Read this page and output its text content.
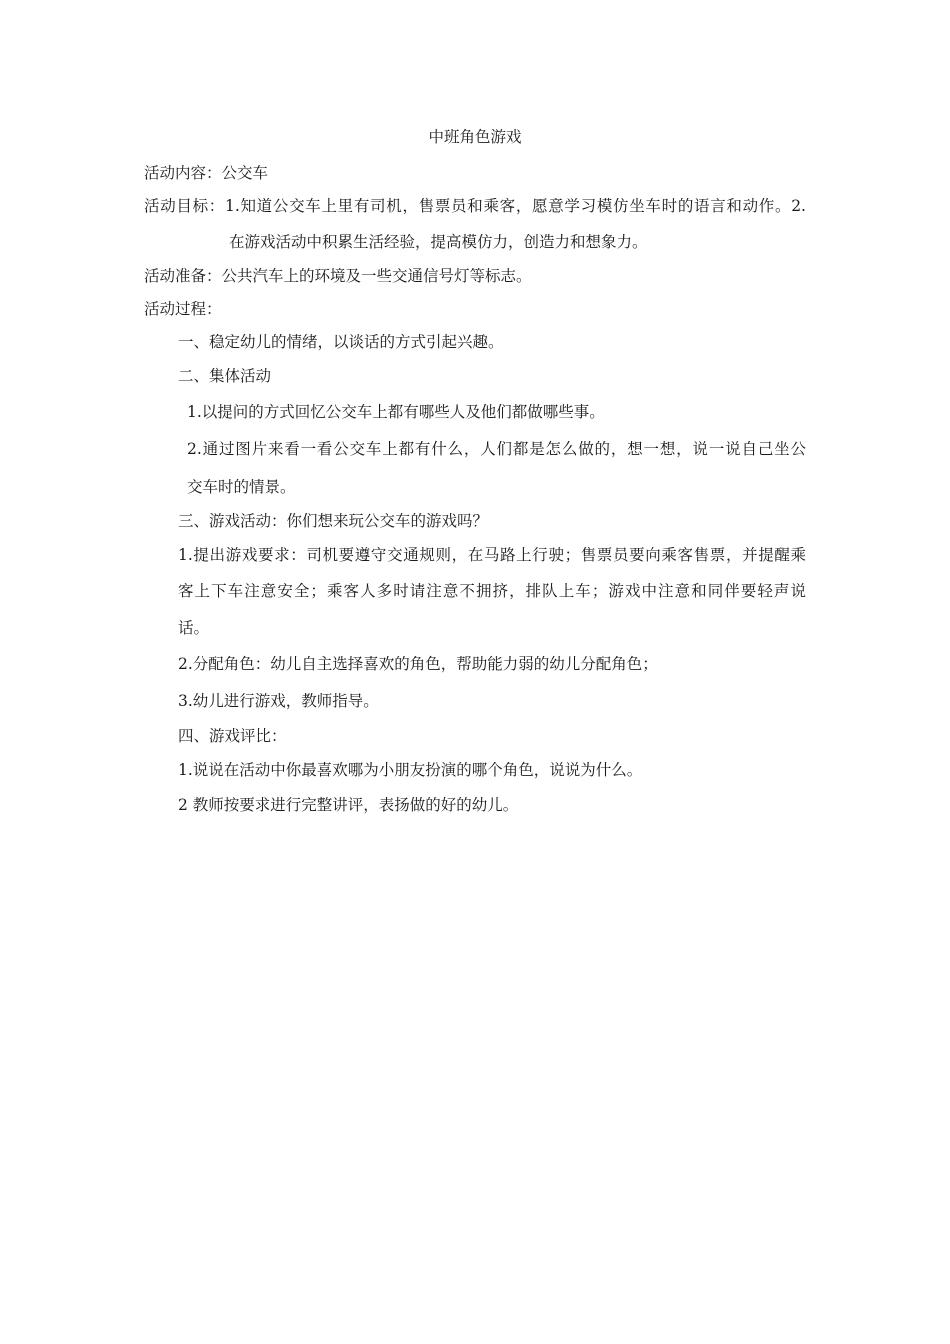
中班角色游戏

活动内容：公交车

活动目标：1.知道公交车上里有司机，售票员和乘客，愿意学习模仿坐车时的语言和动作。2.

在游戏活动中积累生活经验，提高模仿力，创造力和想象力。

活动准备：公共汽车上的环境及一些交通信号灯等标志。

活动过程：

一、稳定幼儿的情绪，以谈话的方式引起兴趣。

二、集体活动

1.以提问的方式回忆公交车上都有哪些人及他们都做哪些事。

2.通过图片来看一看公交车上都有什么，人们都是怎么做的，想一想，说一说自己坐公

交车时的情景。

三、游戏活动：你们想来玩公交车的游戏吗？

1.提出游戏要求：司机要遵守交通规则，在马路上行驶；售票员要向乘客售票，并提醒乘

客上下车注意安全；乘客人多时请注意不拥挤，排队上车；游戏中注意和同伴要轻声说

话。

2.分配角色：幼儿自主选择喜欢的角色，帮助能力弱的幼儿分配角色；

3.幼儿进行游戏，教师指导。

四、游戏评比：

1.说说在活动中你最喜欢哪为小朋友扮演的哪个角色，说说为什么。

2 教师按要求进行完整讲评，表扬做的好的幼儿。
